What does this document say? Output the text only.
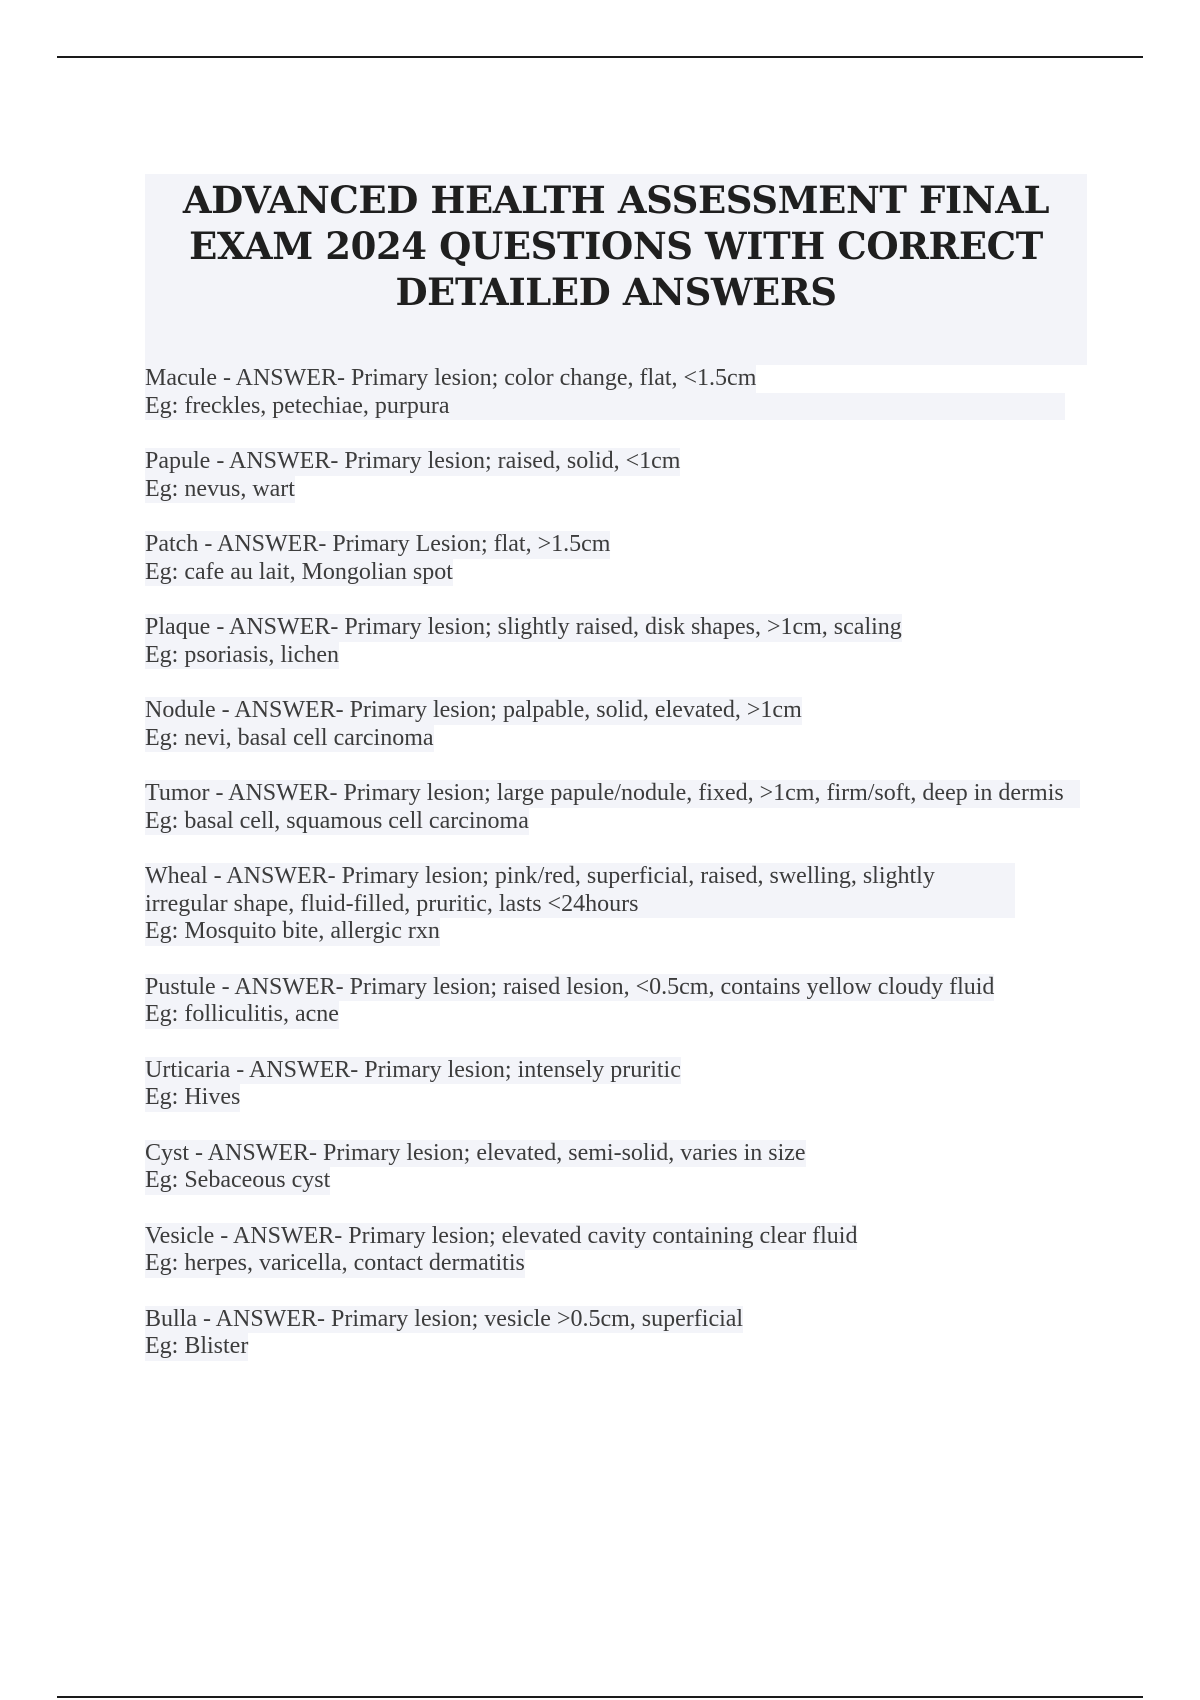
ADVANCED HEALTH ASSESSMENT FINAL
EXAM 2024 QUESTIONS WITH CORRECT
DETAILED ANSWERS
Macule - ANSWER- Primary lesion; color change, flat, <1.5cm

Eg: freckles, petechiae, purpura
Papule - ANSWER- Primary lesion; raised, solid, <1cm
Eg: nevus, wart
Patch - ANSWER- Primary Lesion; flat, >1.5cm
Eg: cafe au lait, Mongolian spot
Plaque - ANSWER- Primary lesion; slightly raised, disk shapes, >1cm, scaling
Eg: psoriasis, lichen
Nodule - ANSWER- Primary lesion; palpable, solid, elevated, >1cm
Eg: nevi, basal cell carcinoma
Tumor - ANSWER- Primary lesion; large papule/nodule, fixed, >1cm, firm/soft, deep in dermis
Eg: basal cell, squamous cell carcinoma
Wheal - ANSWER- Primary lesion; pink/red, superficial, raised, swelling, slightly irregular shape, fluid-filled, pruritic, lasts <24hours
Eg: Mosquito bite, allergic rxn
Pustule - ANSWER- Primary lesion; raised lesion, <0.5cm, contains yellow cloudy fluid
Eg: folliculitis, acne
Urticaria - ANSWER- Primary lesion; intensely pruritic
Eg: Hives
Cyst - ANSWER- Primary lesion; elevated, semi-solid, varies in size
Eg: Sebaceous cyst
Vesicle - ANSWER- Primary lesion; elevated cavity containing clear fluid
Eg: herpes, varicella, contact dermatitis
Bulla - ANSWER- Primary lesion; vesicle >0.5cm, superficial
Eg: Blister
